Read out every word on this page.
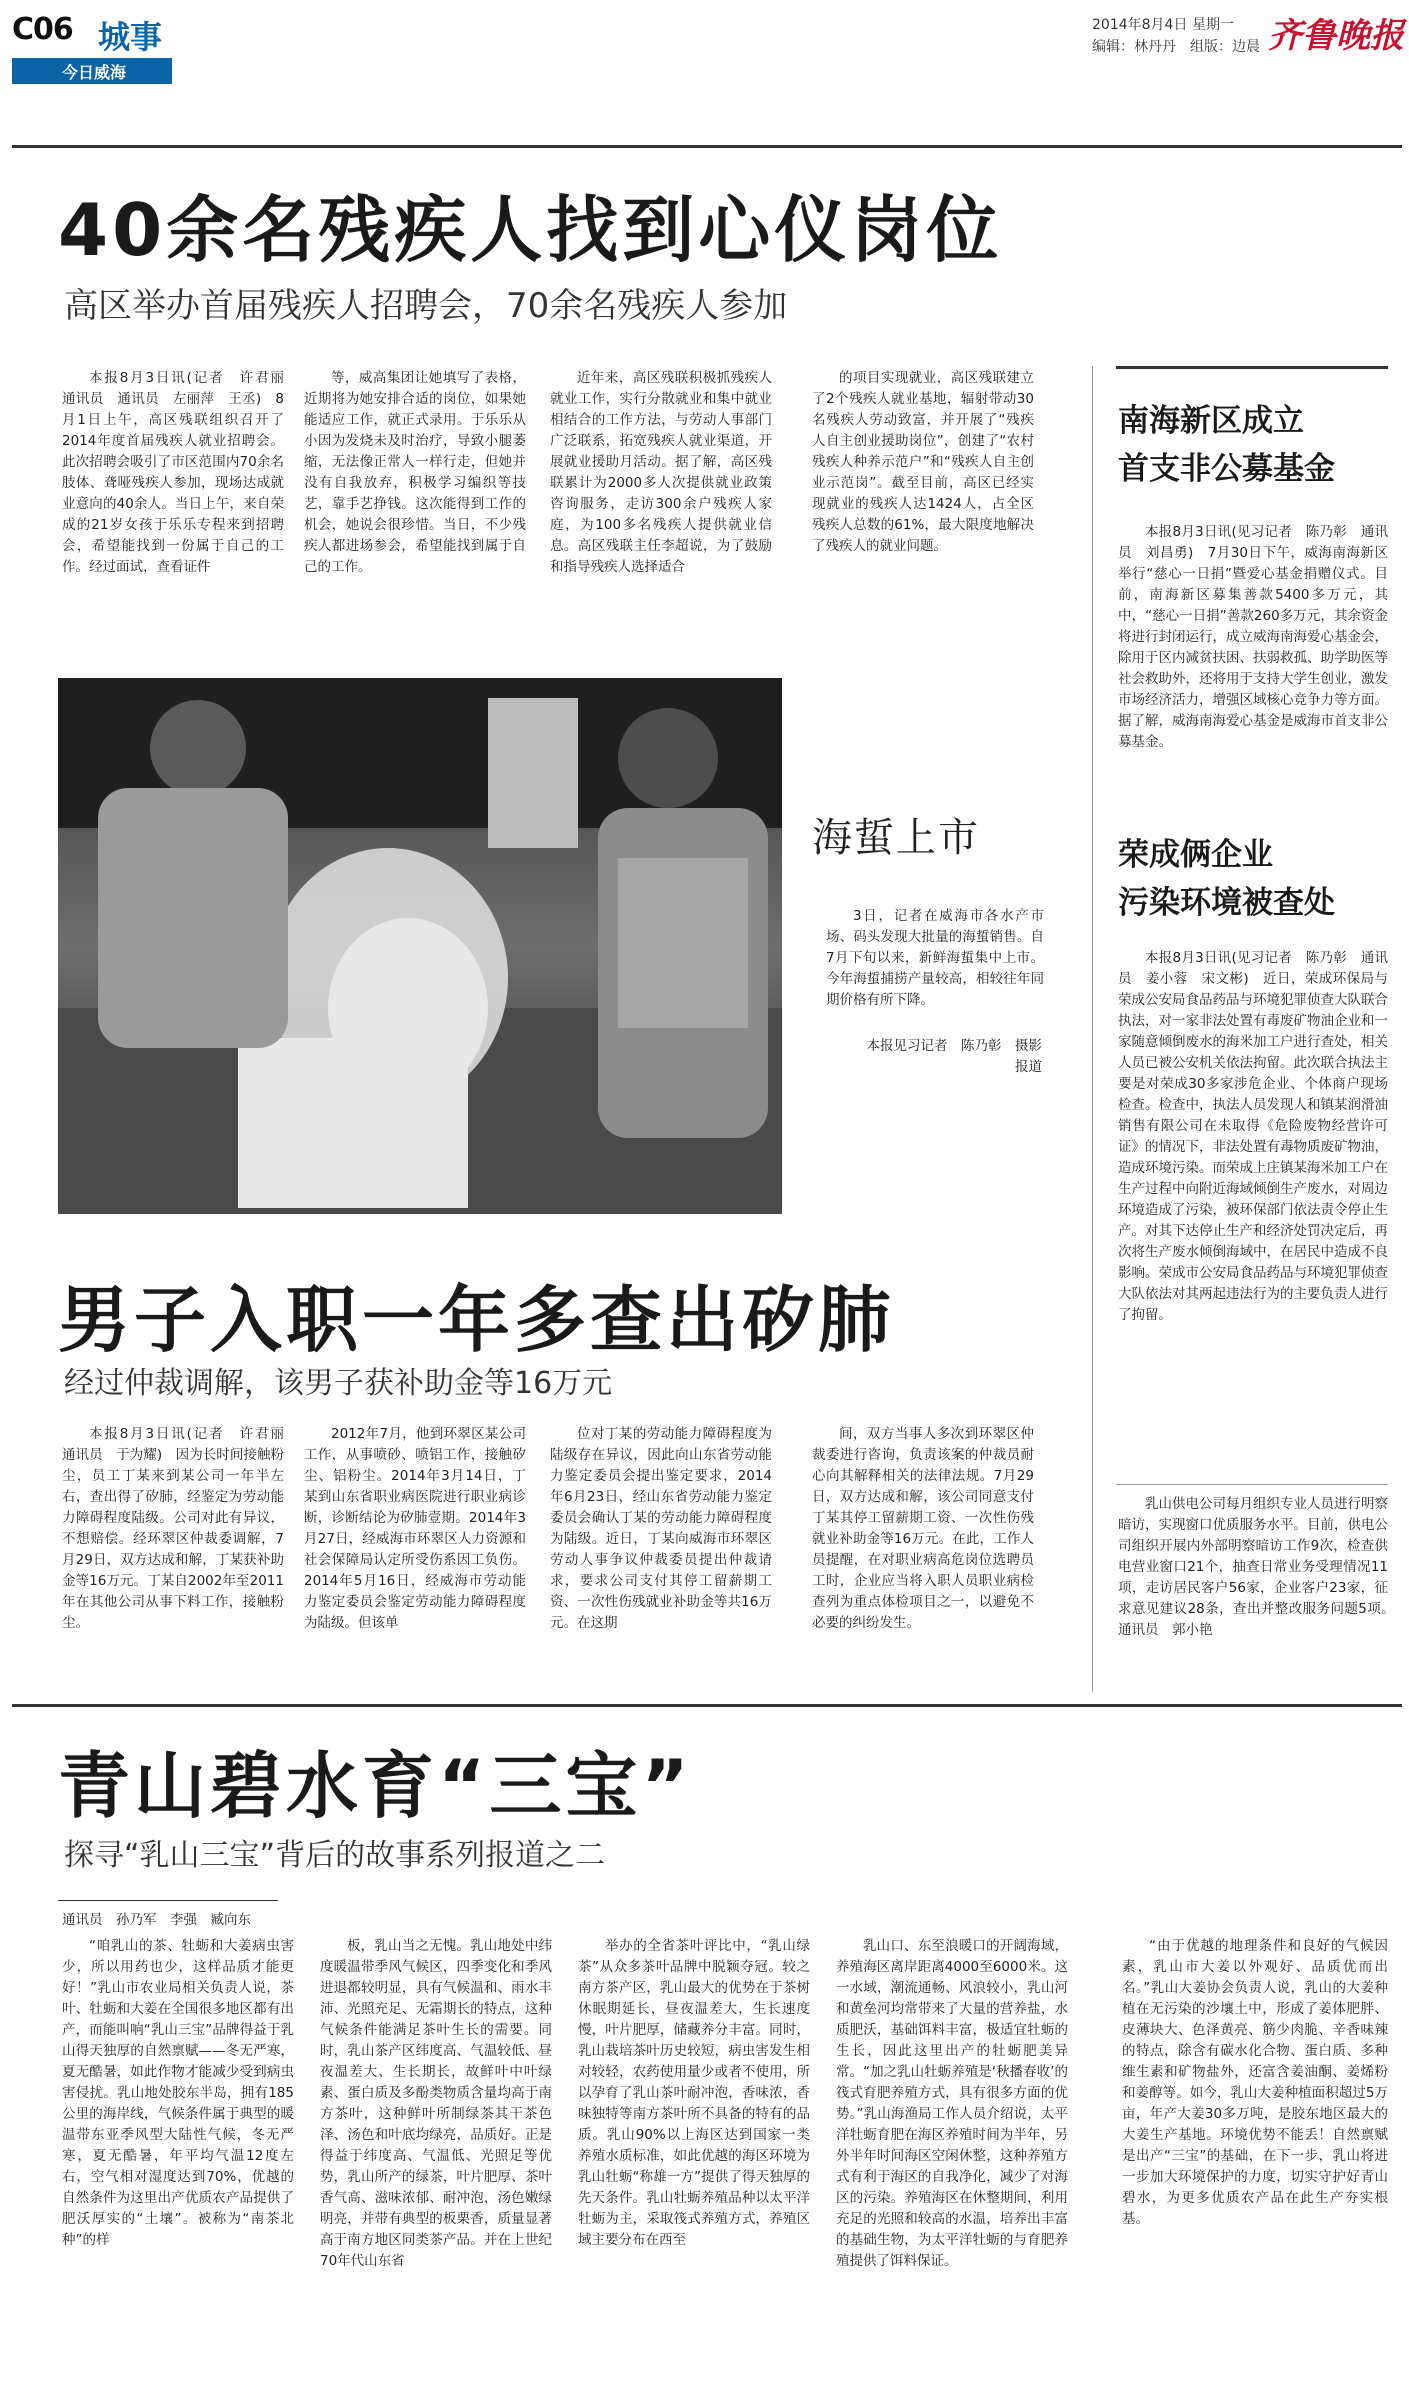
C06 城事
今日威海
2014年8月4日 星期一
编辑：林丹丹　组版：边晨 齐鲁晚报
40余名残疾人找到心仪岗位
高区举办首届残疾人招聘会，70余名残疾人参加

本报8月3日讯(记者　许君丽　通讯员　通讯员　左丽萍　王丞)　8月1日上午，高区残联组织召开了2014年度首届残疾人就业招聘会。此次招聘会吸引了市区范围内70余名肢体、聋哑残疾人参加，现场达成就业意向的40余人。当日上午，来自荣成的21岁女孩于乐乐专程来到招聘会，希望能找到一份属于自己的工作。经过面试，查看证件

等，威高集团让她填写了表格，近期将为她安排合适的岗位，如果她能适应工作，就正式录用。于乐乐从小因为发烧未及时治疗，导致小腿萎缩，无法像正常人一样行走，但她并没有自我放弃，积极学习编织等技艺，靠手艺挣钱。这次能得到工作的机会，她说会很珍惜。当日，不少残疾人都进场参会，希望能找到属于自己的工作。

近年来，高区残联积极抓残疾人就业工作，实行分散就业和集中就业相结合的工作方法，与劳动人事部门广泛联系，拓宽残疾人就业渠道，开展就业援助月活动。据了解，高区残联累计为2000多人次提供就业政策咨询服务，走访300余户残疾人家庭，为100多名残疾人提供就业信息。高区残联主任李超说，为了鼓励和指导残疾人选择适合

的项目实现就业，高区残联建立了2个残疾人就业基地，辐射带动30名残疾人劳动致富，并开展了“残疾人自主创业援助岗位”，创建了“农村残疾人种养示范户”和“残疾人自主创业示范岗”。截至目前，高区已经实现就业的残疾人达1424人，占全区残疾人总数的61%，最大限度地解决了残疾人的就业问题。

海蜇上市

3日，记者在威海市各水产市场、码头发现大批量的海蜇销售。自7月下旬以来，新鲜海蜇集中上市。今年海蜇捕捞产量较高，相较往年同期价格有所下降。

本报见习记者　陈乃彰　摄影报道
男子入职一年多查出矽肺
经过仲裁调解，该男子获补助金等16万元

本报8月3日讯(记者　许君丽　通讯员　于为耀)　因为长时间接触粉尘，员工丁某来到某公司一年半左右，查出得了矽肺，经鉴定为劳动能力障碍程度陆级。公司对此有异议，不想赔偿。经环翠区仲裁委调解，7月29日，双方达成和解，丁某获补助金等16万元。丁某自2002年至2011年在其他公司从事下料工作，接触粉尘。

2012年7月，他到环翠区某公司工作，从事喷砂、喷铝工作，接触矽尘、铝粉尘。2014年3月14日，丁某到山东省职业病医院进行职业病诊断，诊断结论为矽肺壹期。2014年3月27日，经威海市环翠区人力资源和社会保障局认定所受伤系因工负伤。2014年5月16日，经威海市劳动能力鉴定委员会鉴定劳动能力障碍程度为陆级。但该单

位对丁某的劳动能力障碍程度为陆级存在异议，因此向山东省劳动能力鉴定委员会提出鉴定要求，2014年6月23日，经山东省劳动能力鉴定委员会确认丁某的劳动能力障碍程度为陆级。近日，丁某向威海市环翠区劳动人事争议仲裁委员提出仲裁请求，要求公司支付其停工留薪期工资、一次性伤残就业补助金等共16万元。在这期

间，双方当事人多次到环翠区仲裁委进行咨询，负责该案的仲裁员耐心向其解释相关的法律法规。7月29日，双方达成和解，该公司同意支付丁某其停工留薪期工资、一次性伤残就业补助金等16万元。在此，工作人员提醒，在对职业病高危岗位选聘员工时，企业应当将入职人员职业病检查列为重点体检项目之一，以避免不必要的纠纷发生。

南海新区成立
首支非公募基金

本报8月3日讯(见习记者　陈乃彰　通讯员　刘昌勇)　7月30日下午，威海南海新区举行“慈心一日捐”暨爱心基金捐赠仪式。目前，南海新区募集善款5400多万元，其中，“慈心一日捐”善款260多万元，其余资金将进行封闭运行，成立威海南海爱心基金会，除用于区内减贫扶困、扶弱救孤、助学助医等社会救助外，还将用于支持大学生创业，激发市场经济活力，增强区域核心竞争力等方面。据了解，威海南海爱心基金是威海市首支非公募基金。

荣成俩企业
污染环境被查处

本报8月3日讯(见习记者　陈乃彰　通讯员　姜小蓉　宋文彬)　近日，荣成环保局与荣成公安局食品药品与环境犯罪侦查大队联合执法，对一家非法处置有毒废矿物油企业和一家随意倾倒废水的海米加工户进行查处，相关人员已被公安机关依法拘留。此次联合执法主要是对荣成30多家涉危企业、个体商户现场检查。检查中，执法人员发现人和镇某润滑油销售有限公司在未取得《危险废物经营许可证》的情况下，非法处置有毒物质废矿物油，造成环境污染。而荣成上庄镇某海米加工户在生产过程中向附近海域倾倒生产废水，对周边环境造成了污染，被环保部门依法责令停止生产。对其下达停止生产和经济处罚决定后，再次将生产废水倾倒海域中，在居民中造成不良影响。荣成市公安局食品药品与环境犯罪侦查大队依法对其两起违法行为的主要负责人进行了拘留。

乳山供电公司每月组织专业人员进行明察暗访，实现窗口优质服务水平。目前，供电公司组织开展内外部明察暗访工作9次，检查供电营业窗口21个，抽查日常业务受理情况11项，走访居民客户56家，企业客户23家，征求意见建议28条，查出并整改服务问题5项。　通讯员　郭小艳

青山碧水育“三宝”
探寻“乳山三宝”背后的故事系列报道之二
通讯员　孙乃军　李强　臧向东

“咱乳山的茶、牡蛎和大姜病虫害少，所以用药也少，这样品质才能更好！”乳山市农业局相关负责人说，茶叶、牡蛎和大姜在全国很多地区都有出产，而能叫响“乳山三宝”品牌得益于乳山得天独厚的自然禀赋——冬无严寒，夏无酷暑，如此作物才能减少受到病虫害侵扰。乳山地处胶东半岛，拥有185公里的海岸线，气候条件属于典型的暖温带东亚季风型大陆性气候，冬无严寒，夏无酷暑，年平均气温12度左右，空气相对湿度达到70%，优越的自然条件为这里出产优质农产品提供了肥沃厚实的“土壤”。被称为“南茶北种”的样

板，乳山当之无愧。乳山地处中纬度暖温带季风气候区，四季变化和季风进退都较明显，具有气候温和、雨水丰沛、光照充足、无霜期长的特点，这种气候条件能满足茶叶生长的需要。同时，乳山茶产区纬度高、气温较低、昼夜温差大、生长期长，故鲜叶中叶绿素、蛋白质及多酚类物质含量均高于南方茶叶，这种鲜叶所制绿茶其干茶色泽、汤色和叶底均绿亮，品质好。正是得益于纬度高、气温低、光照足等优势，乳山所产的绿茶，叶片肥厚、茶叶香气高、滋味浓郁、耐冲泡，汤色嫩绿明亮，并带有典型的板栗香，质量显著高于南方地区同类茶产品。并在上世纪70年代山东省

举办的全省茶叶评比中，“乳山绿茶”从众多茶叶品牌中脱颖夺冠。较之南方茶产区，乳山最大的优势在于茶树休眠期延长，昼夜温差大，生长速度慢，叶片肥厚，储藏养分丰富。同时，乳山栽培茶叶历史较短，病虫害发生相对较轻，农药使用量少或者不使用，所以孕育了乳山茶叶耐冲泡，香味浓，香味独特等南方茶叶所不具备的特有的品质。乳山90%以上海区达到国家一类养殖水质标准，如此优越的海区环境为乳山牡蛎“称雄一方”提供了得天独厚的先天条件。乳山牡蛎养殖品种以太平洋牡蛎为主，采取筏式养殖方式，养殖区域主要分布在西至

乳山口、东至浪暖口的开阔海域，养殖海区离岸距离4000至6000米。这一水域，潮流通畅、风浪较小，乳山河和黄垒河均常带来了大量的营养盐，水质肥沃，基础饵料丰富，极适宜牡蛎的生长，因此这里出产的牡蛎肥美异常。“加之乳山牡蛎养殖是‘秋播春收’的筏式育肥养殖方式，具有很多方面的优势。”乳山海渔局工作人员介绍说，太平洋牡蛎育肥在海区养殖时间为半年，另外半年时间海区空闲休整，这种养殖方式有利于海区的自我净化，减少了对海区的污染。养殖海区在休整期间，利用充足的光照和较高的水温，培养出丰富的基础生物，为太平洋牡蛎的与育肥养殖提供了饵料保证。

“由于优越的地理条件和良好的气候因素，乳山市大姜以外观好、品质优而出名。”乳山大姜协会负责人说，乳山的大姜种植在无污染的沙壤土中，形成了姜体肥胖、皮薄块大、色泽黄亮、筋少肉脆、辛香味辣的特点，除含有碳水化合物、蛋白质、多种维生素和矿物盐外，还富含姜油酮、姜烯粉和姜醇等。如今，乳山大姜种植面积超过5万亩，年产大姜30多万吨，是胶东地区最大的大姜生产基地。环境优势不能丢！自然禀赋是出产“三宝”的基础，在下一步，乳山将进一步加大环境保护的力度，切实守护好青山碧水，为更多优质农产品在此生产夯实根基。
